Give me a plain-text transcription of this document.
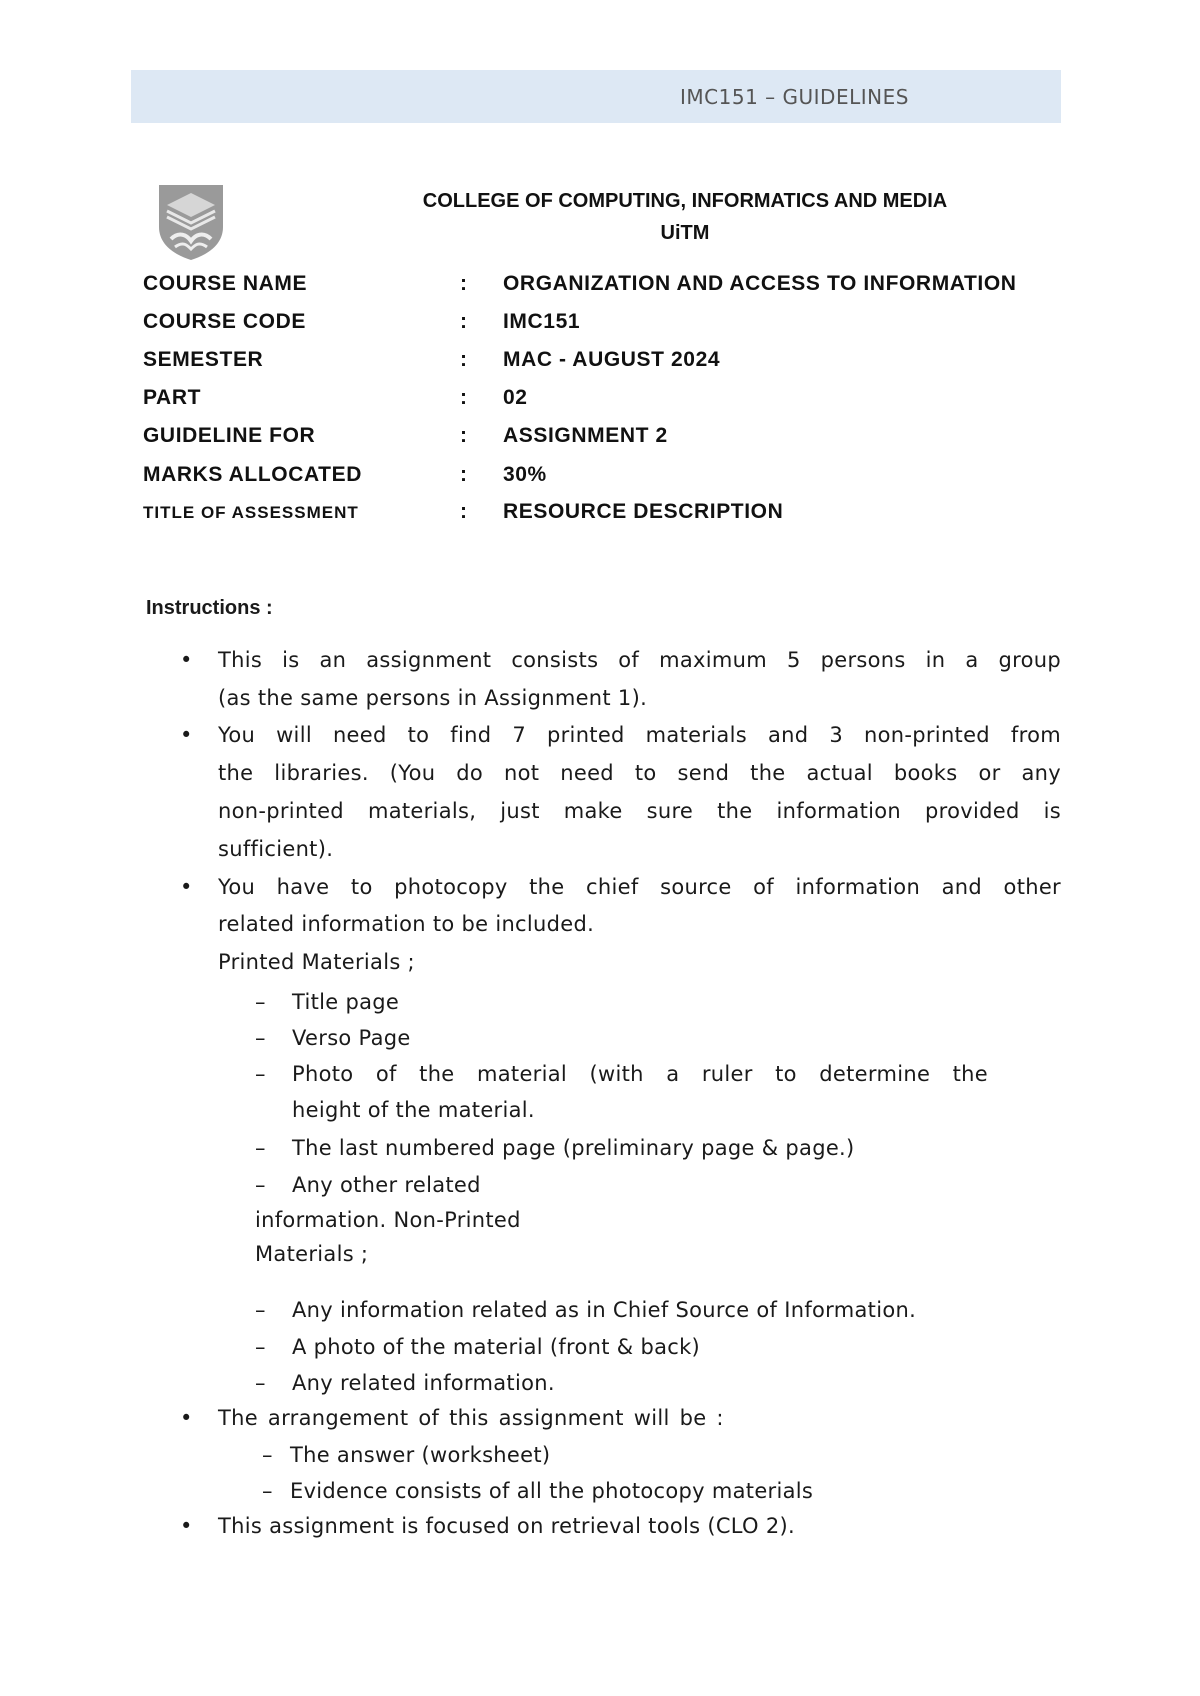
IMC151 – GUIDELINES
COLLEGE OF COMPUTING, INFORMATICS AND MEDIA
UiTM
COURSE NAME	: ORGANIZATION AND ACCESS TO INFORMATION
COURSE CODE	: IMC151
SEMESTER	: MAC - AUGUST 2024
PART	: 02
GUIDELINE FOR	: ASSIGNMENT 2
MARKS ALLOCATED	: 30%
TITLE OF ASSESSMENT	: RESOURCE DESCRIPTION
Instructions :
• This is an assignment consists of maximum 5 persons in a group
(as the same persons in Assignment 1).
• You will need to find 7 printed materials and 3 non-printed from
the libraries. (You do not need to send the actual books or any
non-printed materials, just make sure the information provided is
sufficient).
• You have to photocopy the chief source of information and other
related information to be included.
Printed Materials ;
– Title page
– Verso Page
– Photo of the material (with a ruler to determine the
height of the material.
– The last numbered page (preliminary page & page.)
– Any other related
information. Non-Printed
Materials ;
– Any information related as in Chief Source of Information.
– A photo of the material (front & back)
– Any related information.
• The arrangement of this assignment will be :
– The answer (worksheet)
– Evidence consists of all the photocopy materials
• This assignment is focused on retrieval tools (CLO 2).
